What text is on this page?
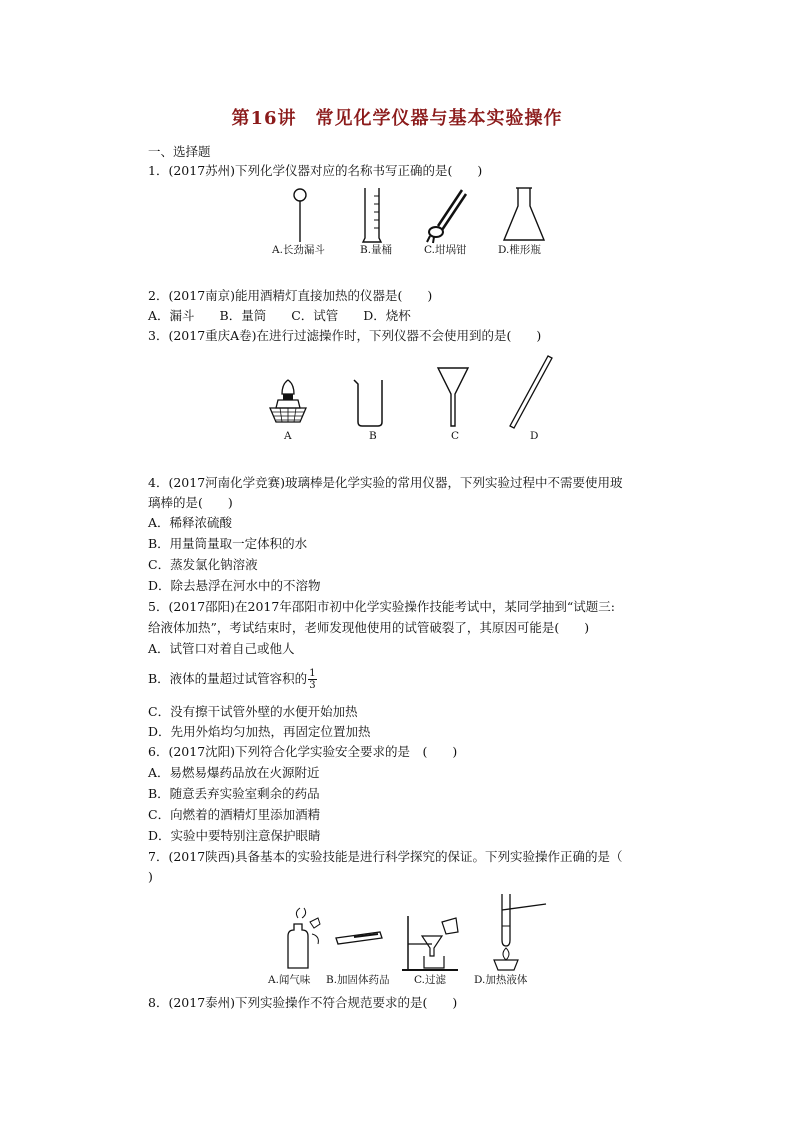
第16讲　常见化学仪器与基本实验操作
一、选择题
1．(2017苏州)下列化学仪器对应的名称书写正确的是(　　)
A.长劲漏斗	B.量桶	C.坩埚钳	D.椎形瓶
2．(2017南京)能用酒精灯直接加热的仪器是(　　)
A．漏斗　　B．量筒　　C．试管　　D．烧杯
3．(2017重庆A卷)在进行过滤操作时，下列仪器不会使用到的是(　　)
A	B	C	D
4．(2017河南化学竞赛)玻璃棒是化学实验的常用仪器，下列实验过程中不需要使用玻
璃棒的是(　　)
A．稀释浓硫酸
B．用量筒量取一定体积的水
C．蒸发氯化钠溶液
D．除去悬浮在河水中的不溶物
5．(2017邵阳)在2017年邵阳市初中化学实验操作技能考试中，某同学抽到“试题三:
给液体加热”，考试结束时，老师发现他使用的试管破裂了，其原因可能是(　　)
A．试管口对着自己或他人
B．液体的量超过试管容积的 $\frac{1}{3}$
C．没有擦干试管外壁的水便开始加热
D．先用外焰均匀加热，再固定位置加热
6．(2017沈阳)下列符合化学实验安全要求的是　(　　)
A．易燃易爆药品放在火源附近
B．随意丢弃实验室剩余的药品
C．向燃着的酒精灯里添加酒精
D．实验中要特别注意保护眼睛
7．(2017陕西)具备基本的实验技能是进行科学探究的保证。下列实验操作正确的是（
)
A.闻气味 B.加固体药品 C.过滤	D.加热液体
8．(2017泰州)下列实验操作不符合规范要求的是(　　)
